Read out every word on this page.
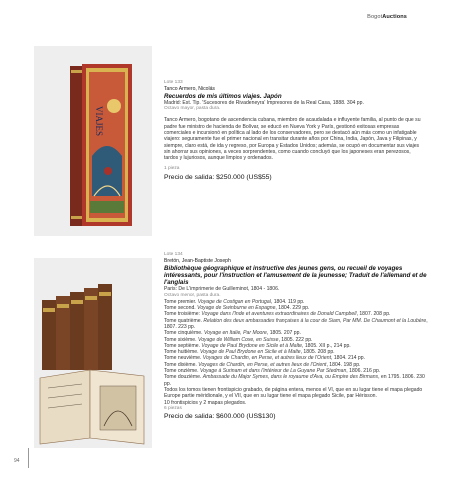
BogotAuctions
VIAJES
Lote 133
Tanco Armero, Nicolás
Recuerdos de mis últimos viajes. Japón
Madrid: Est. Tip. 'Sucesores de Rivadeneyra' Impresores de la Real Casa, 1888. 304 pp.
Octavo mayor, pasta dura.
Tanco Armero, bogotano de ascendencia cubana, miembro de acaudalada e influyente familia, al punto de que su padre fue ministro de hacienda de Bolívar, se educó en Nueva York y París, gestionó exitosas empresas comerciales e incursionó en política al lado de los conservadores, pero se destacó aún más como un infatigable viajero: seguramente fue el primer nacional en transitar durante años por China, India, Japón, Java y Filipinas, y siempre, claro está, de ida y regreso, por Europa y Estados Unidos; además, se ocupó en documentar sus viajes sin ahorrar sus opiniones, a veces sorprendentes, como cuando concluyó que los japoneses eran perezosos, tardos y lujuriosos, aunque limpios y ordenados.
1 pieza
Precio de salida: $250.000 (US$55)
Lote 134
Bretón, Jean-Baptiste Joseph
Bibliothèque géographique et instructive des jeunes gens, ou recueil de voyages intéressants, pour l'instruction et l'amusement de la jeunesse; Traduit de l'allemand et de l'anglais
Paris: De L'imprimerie de Guilleminot, 1804 - 1806.
Octavo menor, pasta dura.

Tome premier. Voyage de Costigan en Portugal, 1804. 119 pp.

Tome second. Voyage de Swinburne en Espagne, 1804. 229 pp.

Tome troisième: Voyage dans l'Inde et aventures extraordinaires de Donald Campbell, 1807. 208 pp.

Tome quatrième. Relation des deux ambassades françaises à la cour de Siam, Par MM. De Chaumont et la Loubère, 1807. 223 pp.

Tome cinquième. Voyage en Italie, Par Moore, 1805. 207 pp.

Tome sixième. Voyage de William Coxe, en Suisse, 1805. 222 pp.

Tome septième. Voyage de Paul Brydone en Sicile et à Malte, 1805. XII p., 214 pp.

Tome huitième. Voyage de Paul Brydone en Sicile et à Malte, 1805. 208 pp.

Tome neuvième. Voyages de Chardin, en Perse, et autres lieux de l'Orient, 1804. 214 pp.

Tome dixième. Voyages de Chardin, en Perse, et autres lieux de l'Orient, 1804. 198 pp.

Tome onzième. Voyage à Surinam et dans l'intérieur de La Guyane Par Stedman, 1806. 216 pp.

Tome douzième. Ambassade du Major Symes, dans le royaume d'Ava, ou Empire des Birmans, en 1795. 1806. 230 pp.

Todos los tomos tienen frontispicio grabado, de página entera, menos el VI, que en su lugar tiene el mapa plegado Europe partie méridionale, y el VII, que en su lugar tiene el mapa plegado Sicile, par Hérisson.
10 frontispicios y 2 mapas plegados.
6 piezas
Precio de salida: $600.000 (US$130)
94
